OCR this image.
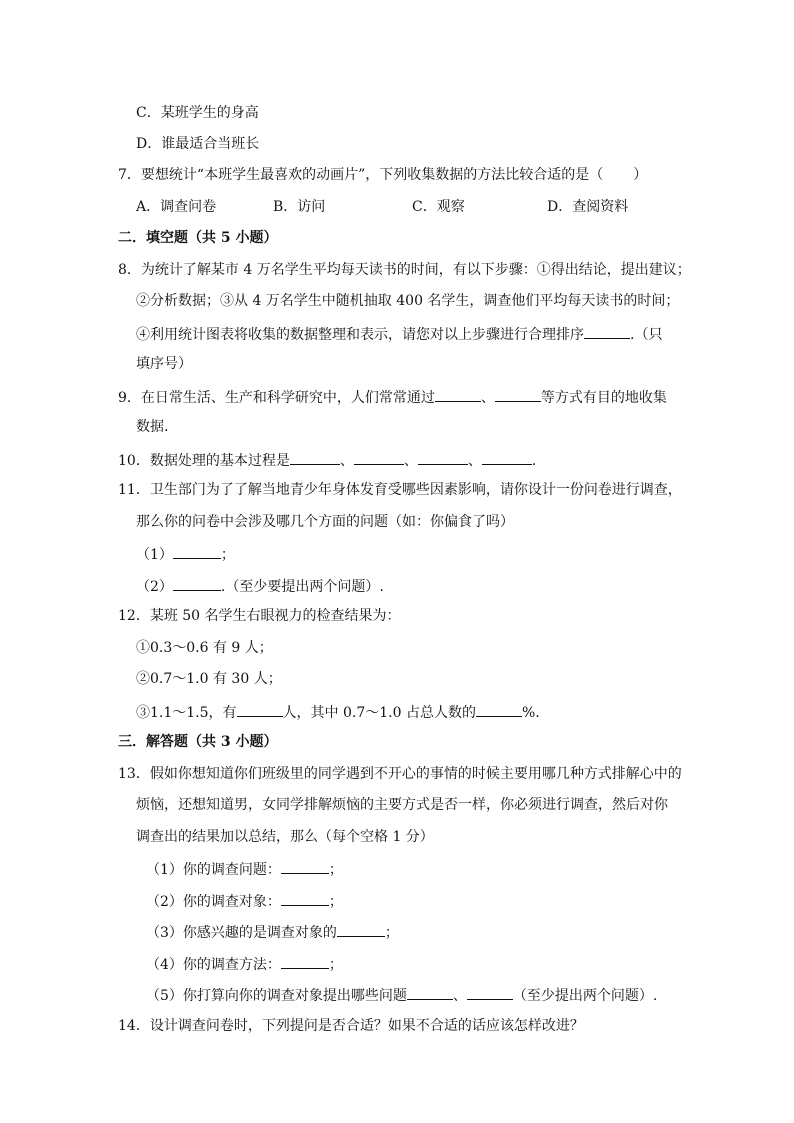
C．某班学生的身高
D．谁最适合当班长
7．要想统计“本班学生最喜欢的动画片”，下列收集数据的方法比较合适的是（ ）
A．调查问卷	B．访问	C．观察	D．查阅资料
二．填空题（共 5 小题）
8．为统计了解某市 4 万名学生平均每天读书的时间，有以下步骤：①得出结论，提出建议；
②分析数据；③从 4 万名学生中随机抽取 400 名学生，调查他们平均每天读书的时间；
④利用统计图表将收集的数据整理和表示，请您对以上步骤进行合理排序	.（只
填序号）
9．在日常生活、生产和科学研究中，人们常常通过	、	等方式有目的地收集
数据.
10．数据处理的基本过程是	、	、	、	.
11．卫生部门为了了解当地青少年身体发育受哪些因素影响，请你设计一份问卷进行调查，
那么你的问卷中会涉及哪几个方面的问题（如：你偏食了吗）
（1）	；
（2）	.（至少要提出两个问题）.
12．某班 50 名学生右眼视力的检查结果为：
①0.3～0.6 有 9 人；
②0.7～1.0 有 30 人；
③1.1～1.5，有	人，其中 0.7～1.0 占总人数的	%.
三．解答题（共 3 小题）
13．假如你想知道你们班级里的同学遇到不开心的事情的时候主要用哪几种方式排解心中的
烦恼，还想知道男，女同学排解烦恼的主要方式是否一样，你必须进行调查，然后对你
调查出的结果加以总结，那么（每个空格 1 分）
（1）你的调查问题：	；
（2）你的调查对象：	；
（3）你感兴趣的是调查对象的	；
（4）你的调查方法：	；
（5）你打算向你的调查对象提出哪些问题	、	（至少提出两个问题）.
14．设计调查问卷时，下列提问是否合适？如果不合适的话应该怎样改进？
